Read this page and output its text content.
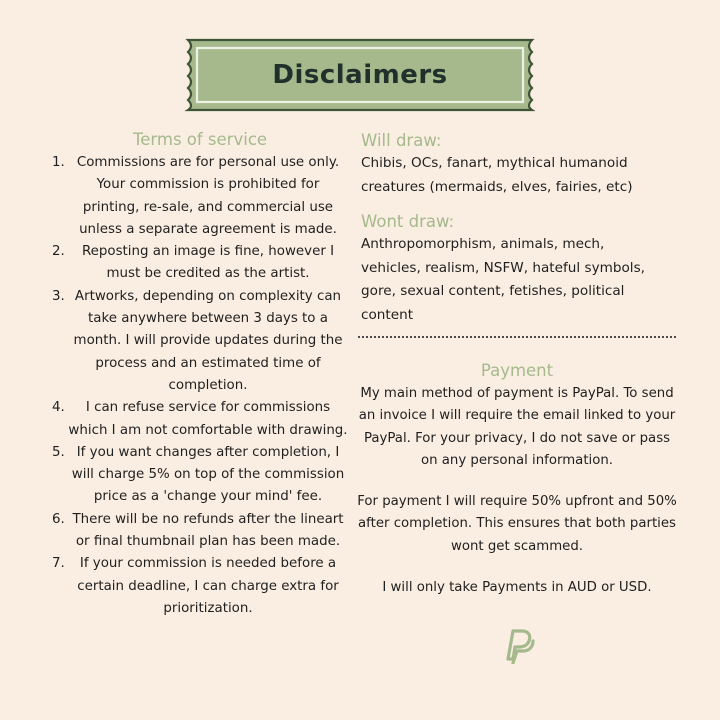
Disclaimers
Terms of service
1. Commissions are for personal use only. Your commission is prohibited for printing, re-sale, and commercial use unless a separate agreement is made.
2. Reposting an image is fine, however I must be credited as the artist.
3. Artworks, depending on complexity can take anywhere between 3 days to a month. I will provide updates during the process and an estimated time of completion.
4. I can refuse service for commissions which I am not comfortable with drawing.
5. If you want changes after completion, I will charge 5% on top of the commission price as a 'change your mind' fee.
6. There will be no refunds after the lineart or final thumbnail plan has been made.
7. If your commission is needed before a certain deadline, I can charge extra for prioritization.
Will draw:
Chibis, OCs, fanart, mythical humanoid creatures (mermaids, elves, fairies, etc)
Wont draw:
Anthropomorphism, animals, mech, vehicles, realism, NSFW, hateful symbols, gore, sexual content, fetishes, political content
Payment
My main method of payment is PayPal. To send an invoice I will require the email linked to your PayPal. For your privacy, I do not save or pass on any personal information.
For payment I will require 50% upfront and 50% after completion. This ensures that both parties wont get scammed.
I will only take Payments in AUD or USD.
